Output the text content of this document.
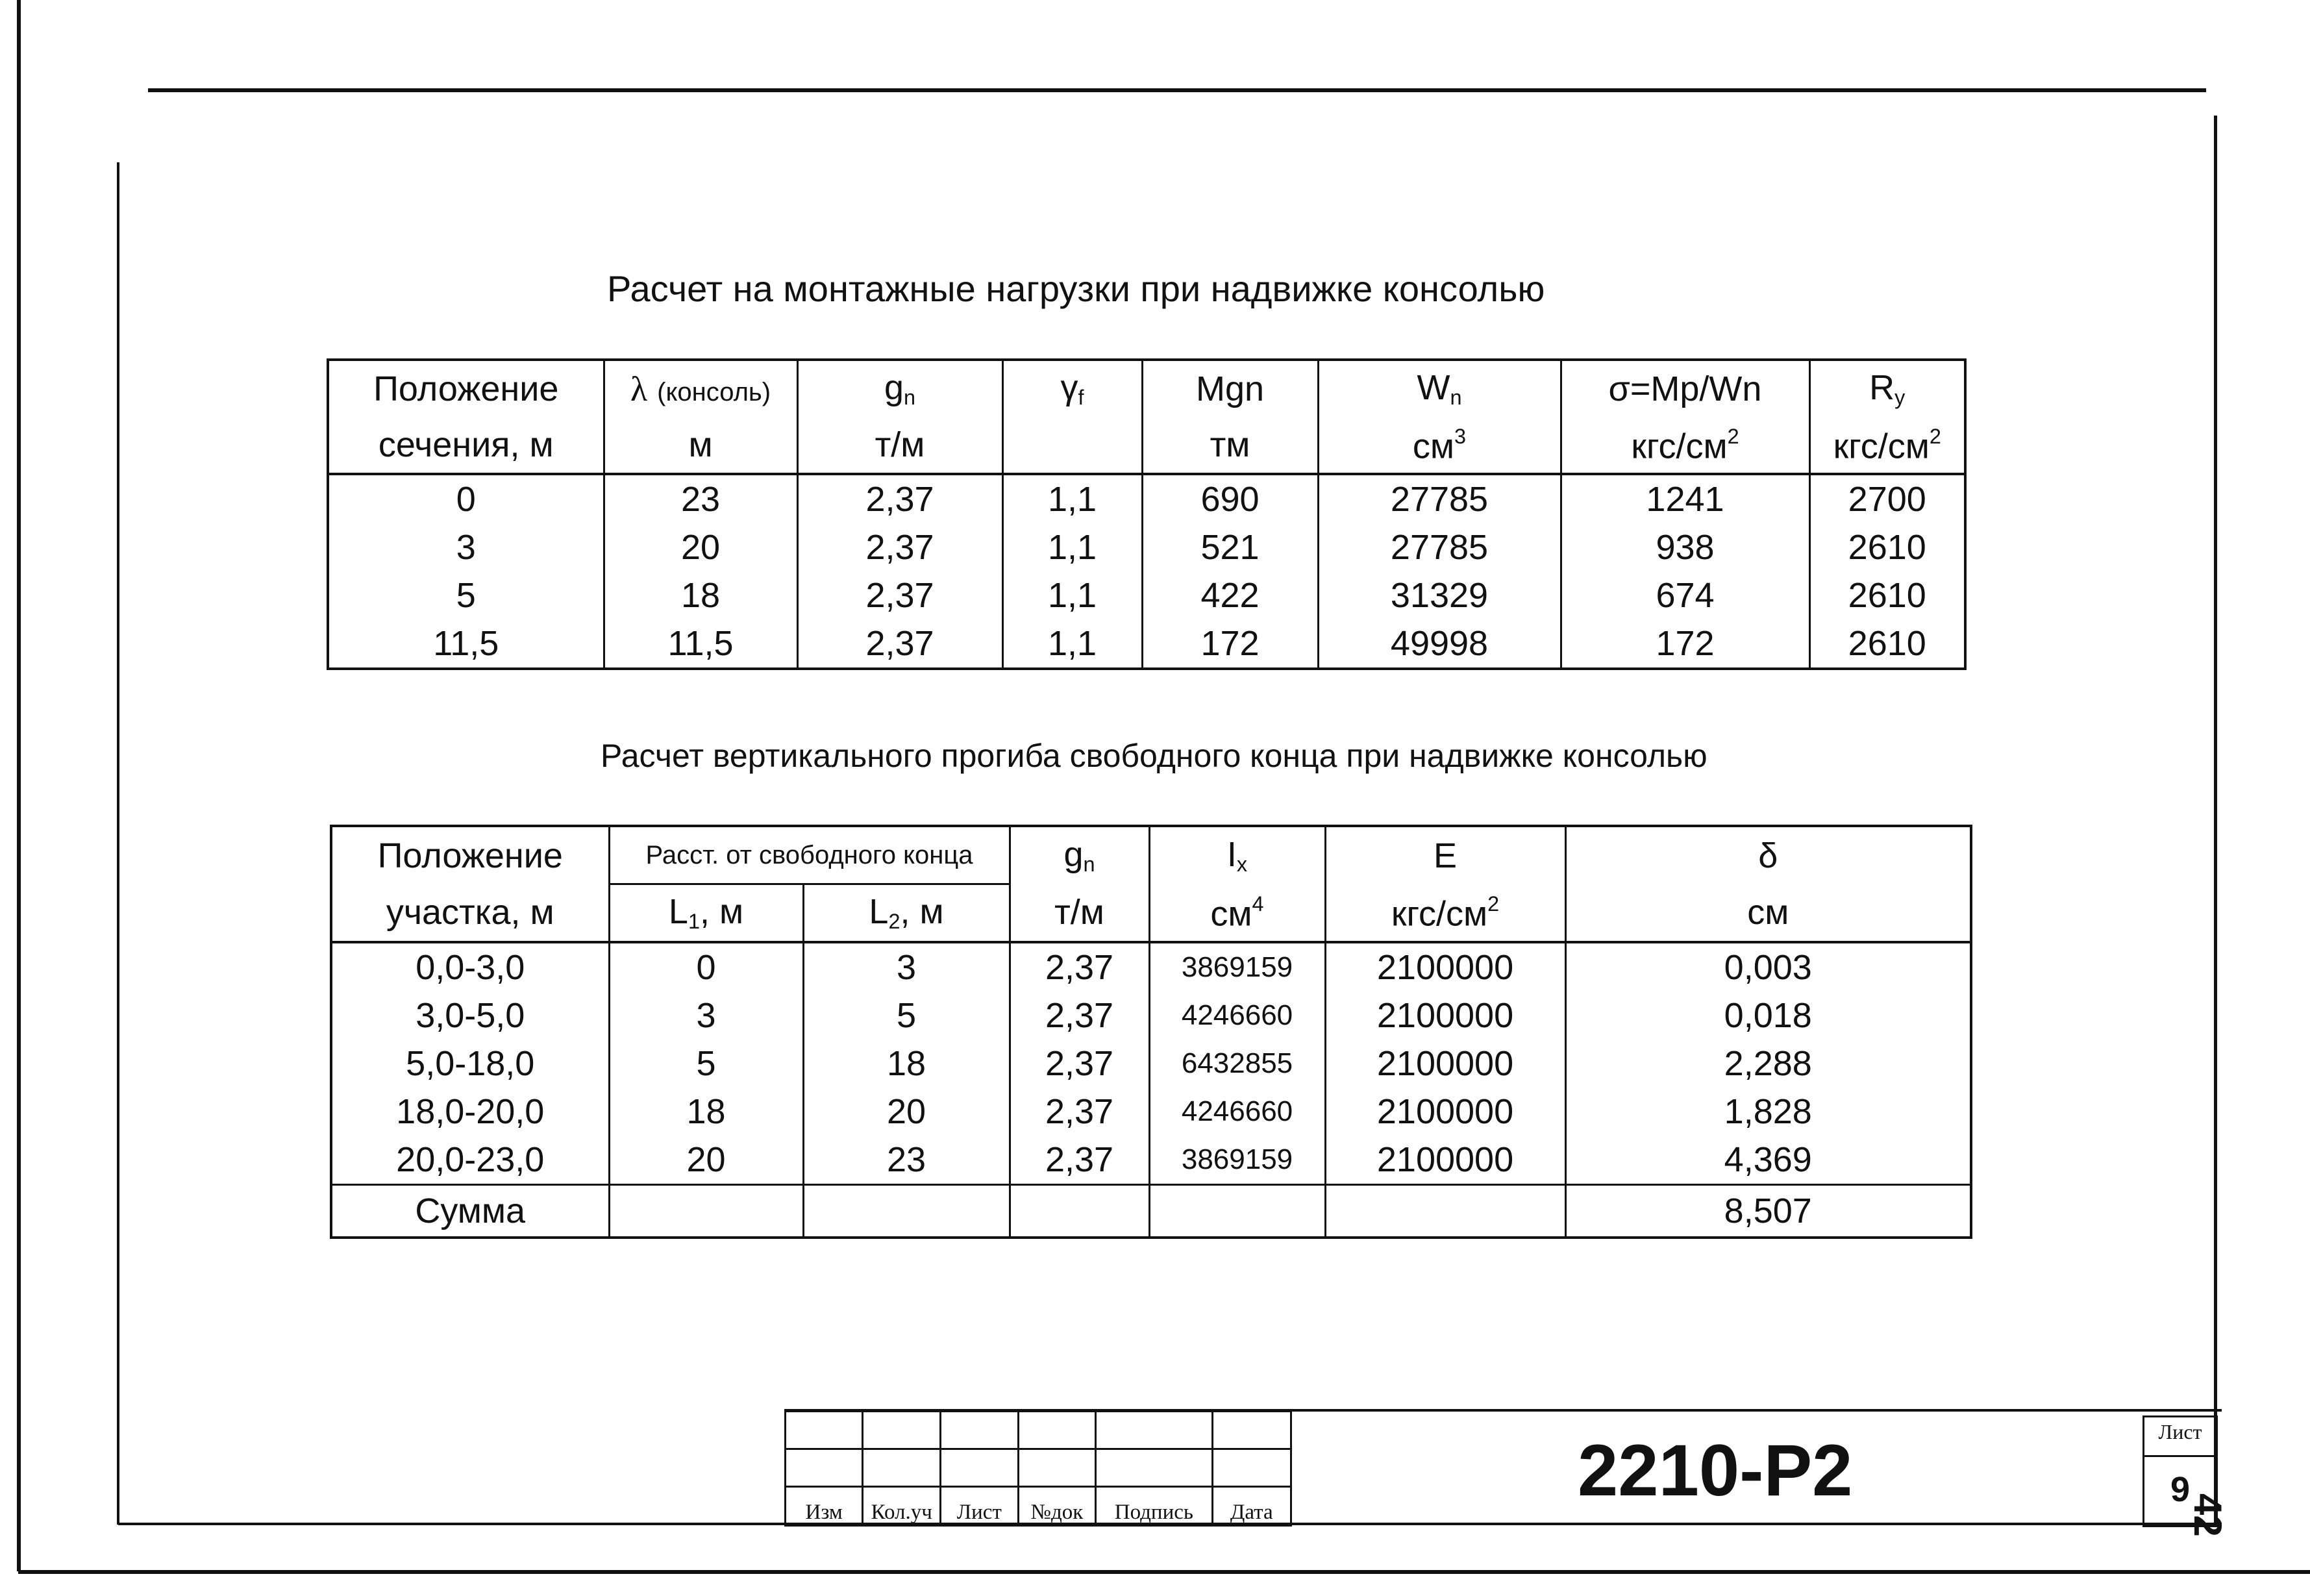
Расчет на монтажные нагрузки при надвижке консолью
Положение	λ (консоль)	$g_n$	$\gamma_f$	Mgn	$W_n$	σ=Mp/Wn	$R_y$
сечения, м	м	т/м		тм	$см^3$	кгс/$см^2$	кгс/$см^2$
0	23	2,37	1,1	690	27785	1241	2700
3	20	2,37	1,1	521	27785	938	2610
5	18	2,37	1,1	422	31329	674	2610
11,5	11,5	2,37	1,1	172	49998	172	2610
Расчет вертикального прогиба свободного конца при надвижке консолью
Положение	Расст. от свободного конца		$g_n$	$I_x$	E	δ
участка, м	$L_1$, м	$L_2$, м	т/м	$см^4$	кгс/$см^2$	см
0,0-3,0	0	3	2,37	3869159	2100000	0,003
3,0-5,0	3	5	2,37	4246660	2100000	0,018
5,0-18,0	5	18	2,37	6432855	2100000	2,288
18,0-20,0	18	20	2,37	4246660	2100000	1,828
20,0-23,0	20	23	2,37	3869159	2100000	4,369
Сумма						8,507

Изм	Кол.уч	Лист	№док	Подпись	Дата
2210-Р2	Лист
9
42
